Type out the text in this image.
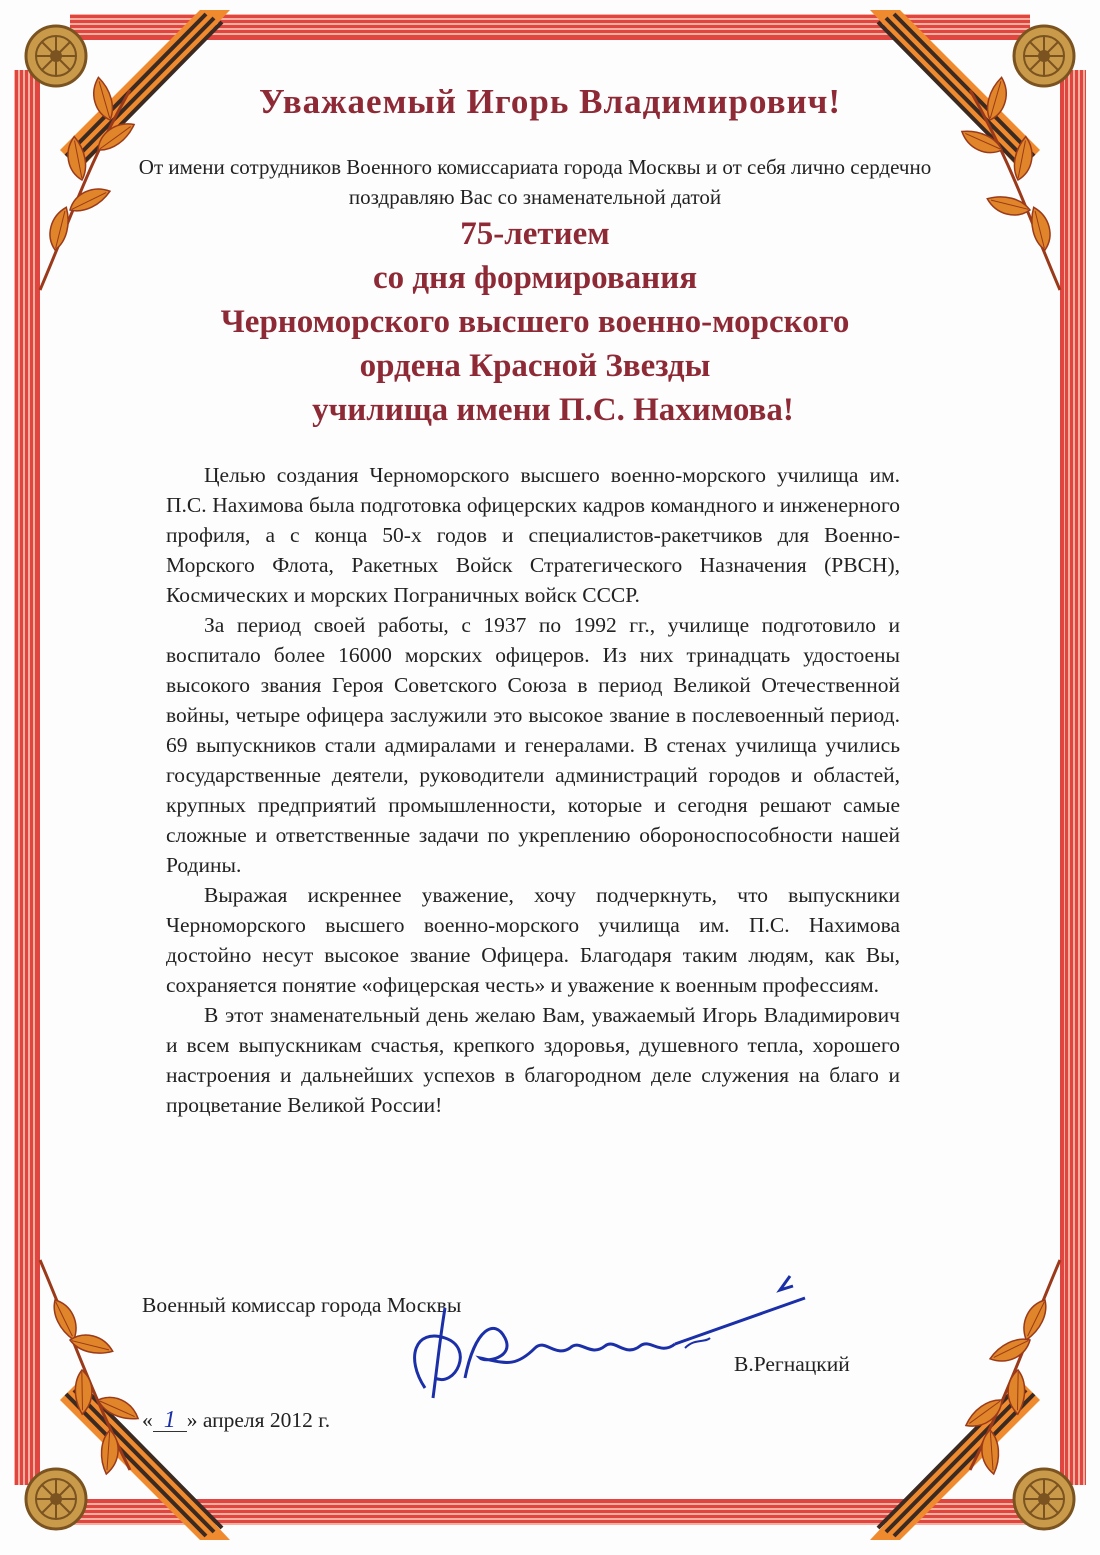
Уважаемый Игорь Владимирович!

От имени сотрудников Военного комиссариата города Москвы и от себя лично сердечно поздравляю Вас со знаменательной датой

75-летием
со дня формирования
Черноморского высшего военно-морского
ордена Красной Звезды
училища имени П.С. Нахимова!

Целью создания Черноморского высшего военно-морского училища им. П.С. Нахимова была подготовка офицерских кадров командного и инженерного профиля, а с конца 50-х годов и специалистов-ракетчиков для Военно-Морского Флота, Ракетных Войск Стратегического Назначения (РВСН), Космических и морских Пограничных войск СССР.

За период своей работы, с 1937 по 1992 гг., училище подготовило и воспитало более 16000 морских офицеров. Из них тринадцать удостоены высокого звания Героя Советского Союза в период Великой Отечественной войны, четыре офицера заслужили это высокое звание в послевоенный период. 69 выпускников стали адмиралами и генералами. В стенах училища учились государственные деятели, руководители администраций городов и областей, крупных предприятий промышленности, которые и сегодня решают самые сложные и ответственные задачи по укреплению обороноспособности нашей Родины.

Выражая искреннее уважение, хочу подчеркнуть, что выпускники Черноморского высшего военно-морского училища им. П.С. Нахимова достойно несут высокое звание Офицера. Благодаря таким людям, как Вы, сохраняется понятие «офицерская честь» и уважение к военным профессиям.

В этот знаменательный день желаю Вам, уважаемый Игорь Владимирович и всем выпускникам счастья, крепкого здоровья, душевного тепла, хорошего настроения и дальнейших успехов в благородном деле служения на благо и процветание Великой России!

Военный комиссар города Москвы

В.Регнацкий

« 1 » апреля 2012 г.
